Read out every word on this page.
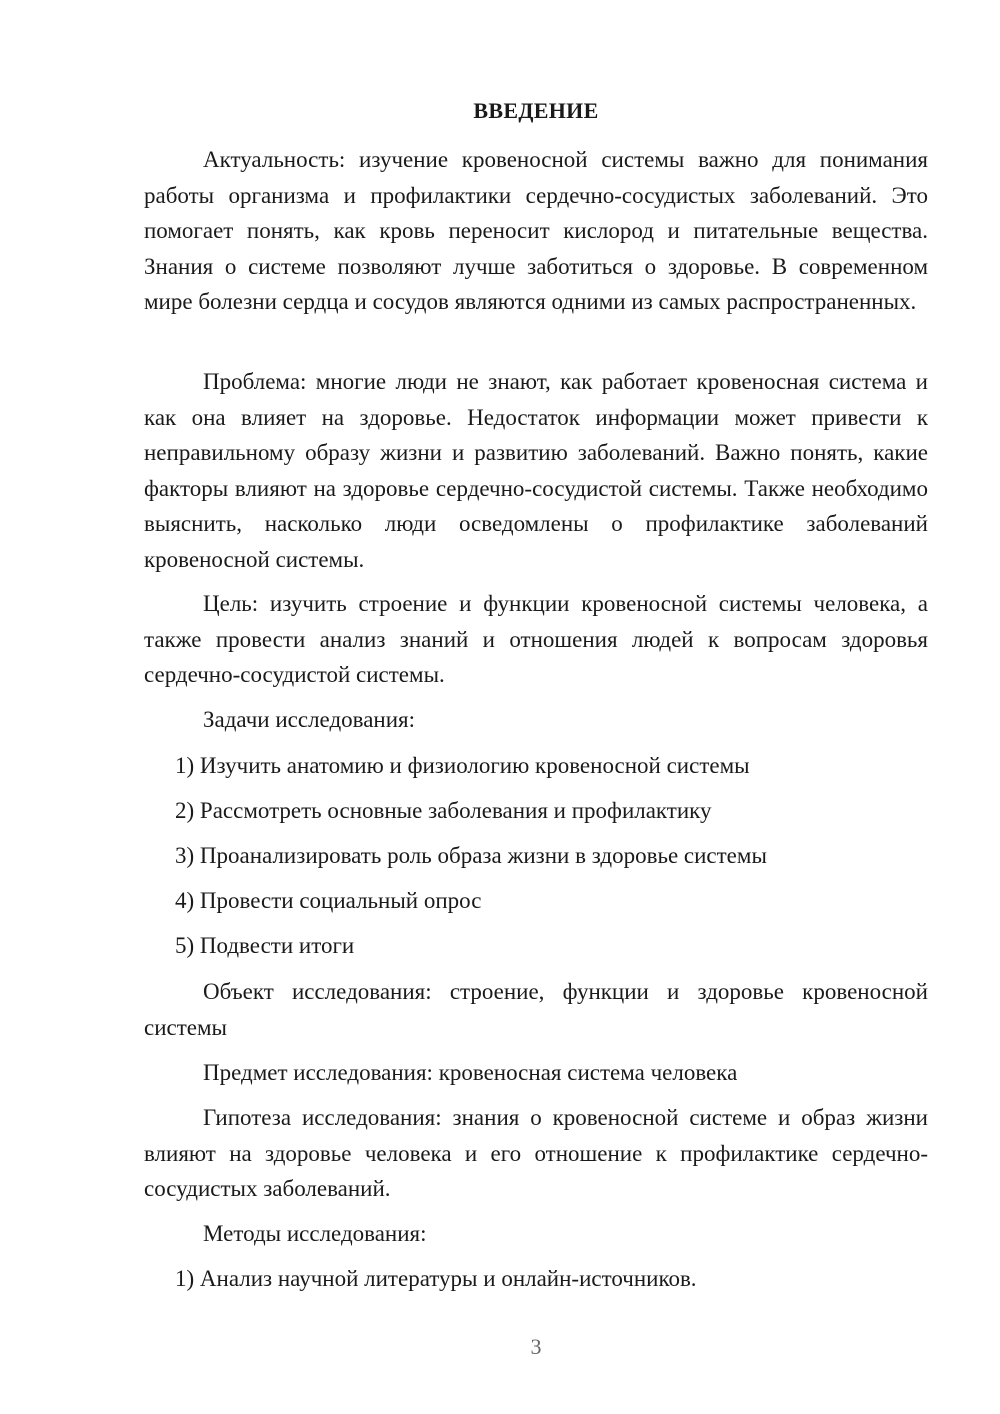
ВВЕДЕНИЕ

Актуальность: изучение кровеносной системы важно для понимания работы организма и профилактики сердечно-сосудистых заболеваний. Это помогает понять, как кровь переносит кислород и питательные вещества. Знания о системе позволяют лучше заботиться о здоровье. В современном мире болезни сердца и сосудов являются одними из самых распространенных.

Проблема: многие люди не знают, как работает кровеносная система и как она влияет на здоровье. Недостаток информации может привести к неправильному образу жизни и развитию заболеваний. Важно понять, какие факторы влияют на здоровье сердечно-сосудистой системы. Также необходимо выяснить, насколько люди осведомлены о профилактике заболеваний кровеносной системы.

Цель: изучить строение и функции кровеносной системы человека, а также провести анализ знаний и отношения людей к вопросам здоровья сердечно-сосудистой системы.

Задачи исследования:

1) Изучить анатомию и физиологию кровеносной системы

2) Рассмотреть основные заболевания и профилактику

3) Проанализировать роль образа жизни в здоровье системы

4) Провести социальный опрос

5) Подвести итоги

Объект исследования: строение, функции и здоровье кровеносной системы

Предмет исследования: кровеносная система человека

Гипотеза исследования: знания о кровеносной системе и образ жизни влияют на здоровье человека и его отношение к профилактике сердечно-сосудистых заболеваний.

Методы исследования:

1) Анализ научной литературы и онлайн-источников.

3
